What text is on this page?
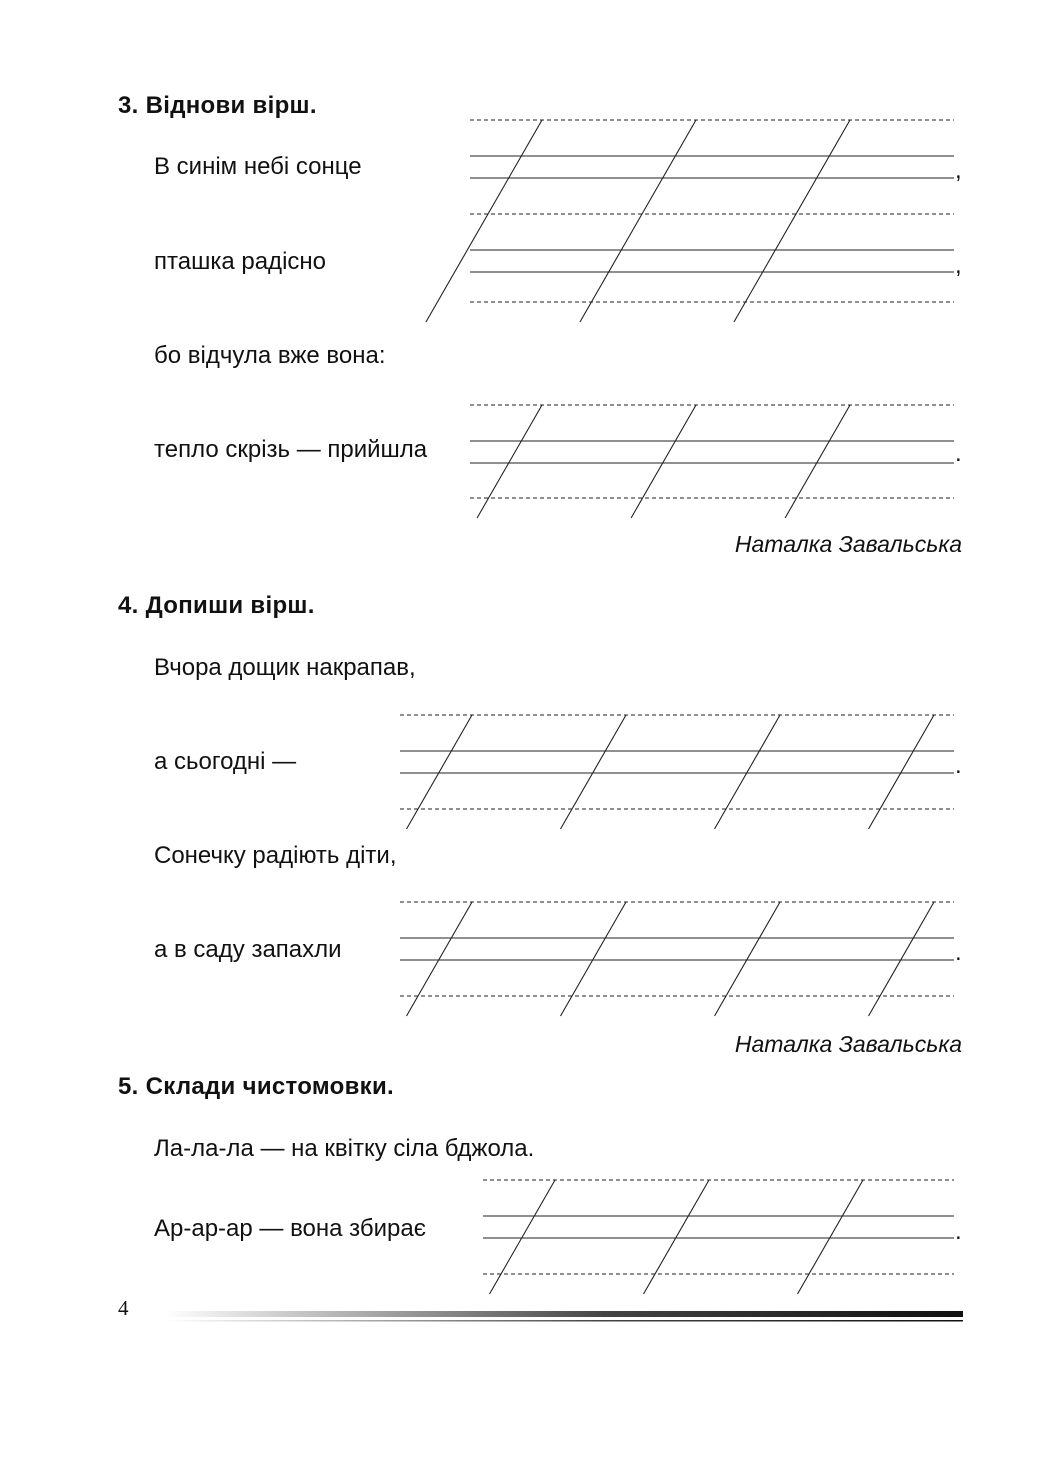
3. Віднови вірш.
В синім небі сонце
пташка радісно
бо відчула вже вона:
тепло скрізь — прийшла
,
,
.
Наталка Завальська
4. Допиши вірш.
Вчора дощик накрапав,
а сьогодні —
Сонечку радіють діти,
а в саду запахли
.
.
Наталка Завальська
5. Склади чистомовки.
Ла-ла-ла — на квітку сіла бджола.
Ар-ар-ар — вона збирає	.
4
